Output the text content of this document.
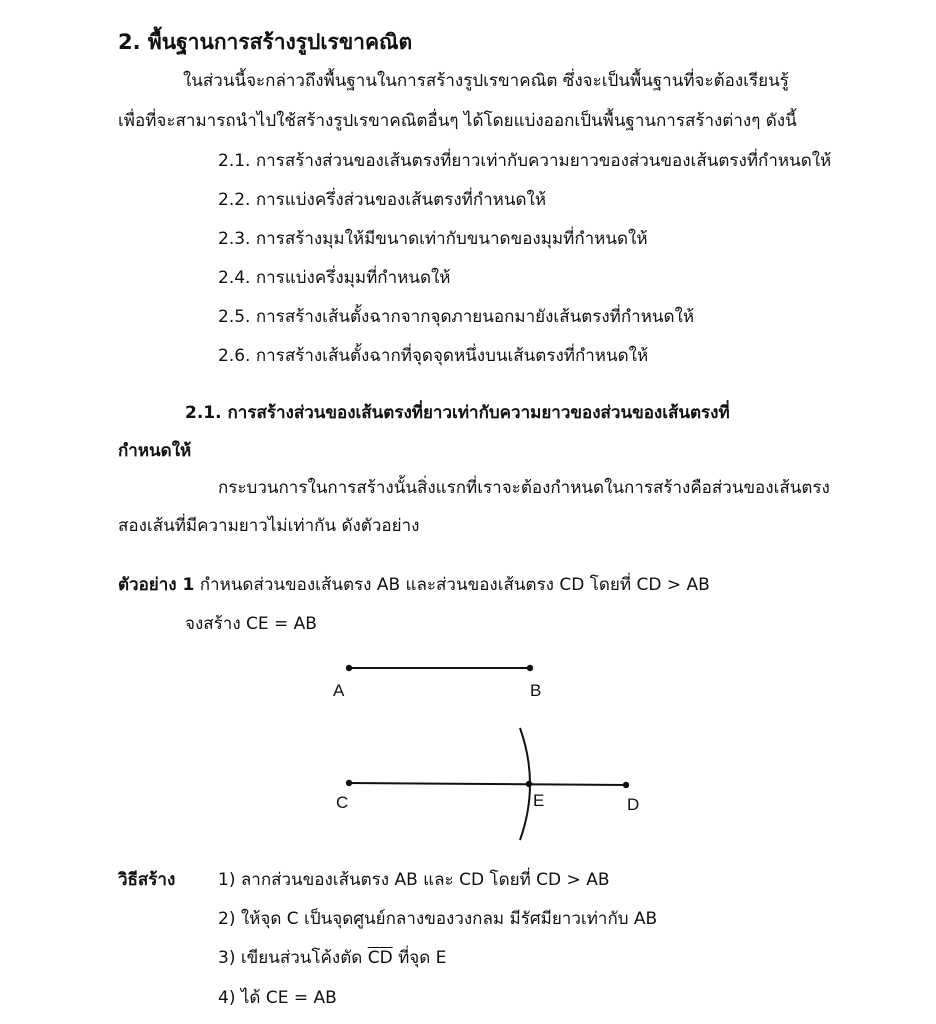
2. พื้นฐานการสร้างรูปเรขาคณิต
ในส่วนนี้จะกล่าวถึงพื้นฐานในการสร้างรูปเรขาคณิต ซึ่งจะเป็นพื้นฐานที่จะต้องเรียนรู้
เพื่อที่จะสามารถนำไปใช้สร้างรูปเรขาคณิตอื่นๆ ได้โดยแบ่งออกเป็นพื้นฐานการสร้างต่างๆ ดังนี้
2.1. การสร้างส่วนของเส้นตรงที่ยาวเท่ากับความยาวของส่วนของเส้นตรงที่กำหนดให้
2.2. การแบ่งครึ่งส่วนของเส้นตรงที่กำหนดให้
2.3. การสร้างมุมให้มีขนาดเท่ากับขนาดของมุมที่กำหนดให้
2.4. การแบ่งครึ่งมุมที่กำหนดให้
2.5. การสร้างเส้นตั้งฉากจากจุดภายนอกมายังเส้นตรงที่กำหนดให้
2.6. การสร้างเส้นตั้งฉากที่จุดจุดหนึ่งบนเส้นตรงที่กำหนดให้
2.1. การสร้างส่วนของเส้นตรงที่ยาวเท่ากับความยาวของส่วนของเส้นตรงที่
กำหนดให้
กระบวนการในการสร้างนั้นสิ่งแรกที่เราจะต้องกำหนดในการสร้างคือส่วนของเส้นตรง
สองเส้นที่มีความยาวไม่เท่ากัน ดังตัวอย่าง
ตัวอย่าง 1 กำหนดส่วนของเส้นตรง AB และส่วนของเส้นตรง CD โดยที่ CD > AB
จงสร้าง CE = AB
A	B
C	E	D
วิธีสร้าง	1) ลากส่วนของเส้นตรง AB และ CD โดยที่ CD > AB
2) ให้จุด C เป็นจุดศูนย์กลางของวงกลม มีรัศมียาวเท่ากับ AB
3) เขียนส่วนโค้งตัด $\overline{CD}$ ที่จุด E
4) ได้ CE = AB
